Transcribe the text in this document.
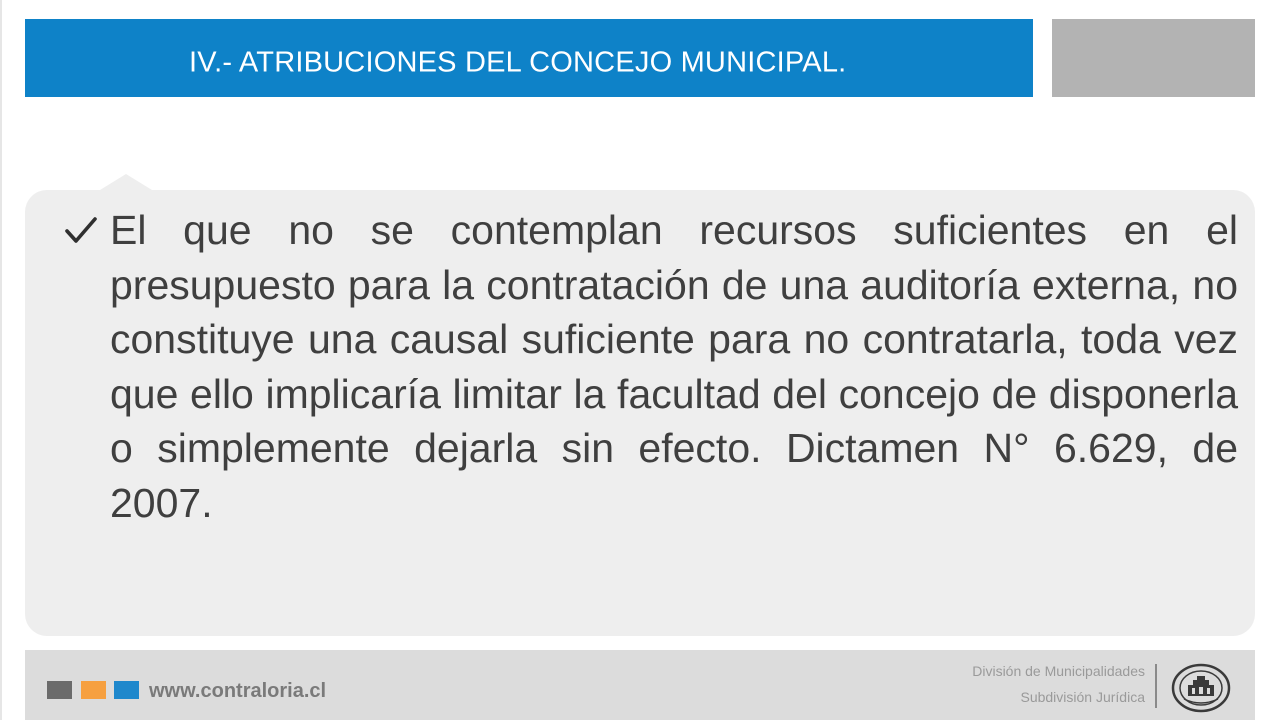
IV.- ATRIBUCIONES DEL CONCEJO MUNICIPAL.

El que no se contemplan recursos suficientes en el presupuesto para la contratación de una auditoría externa, no constituye una causal suficiente para no contratarla, toda vez que ello implicaría limitar la facultad del concejo de disponerla o simplemente dejarla sin efecto. Dictamen N° 6.629, de 2007.

www.contraloria.cl
División de Municipalidades
Subdivisión Jurídica
